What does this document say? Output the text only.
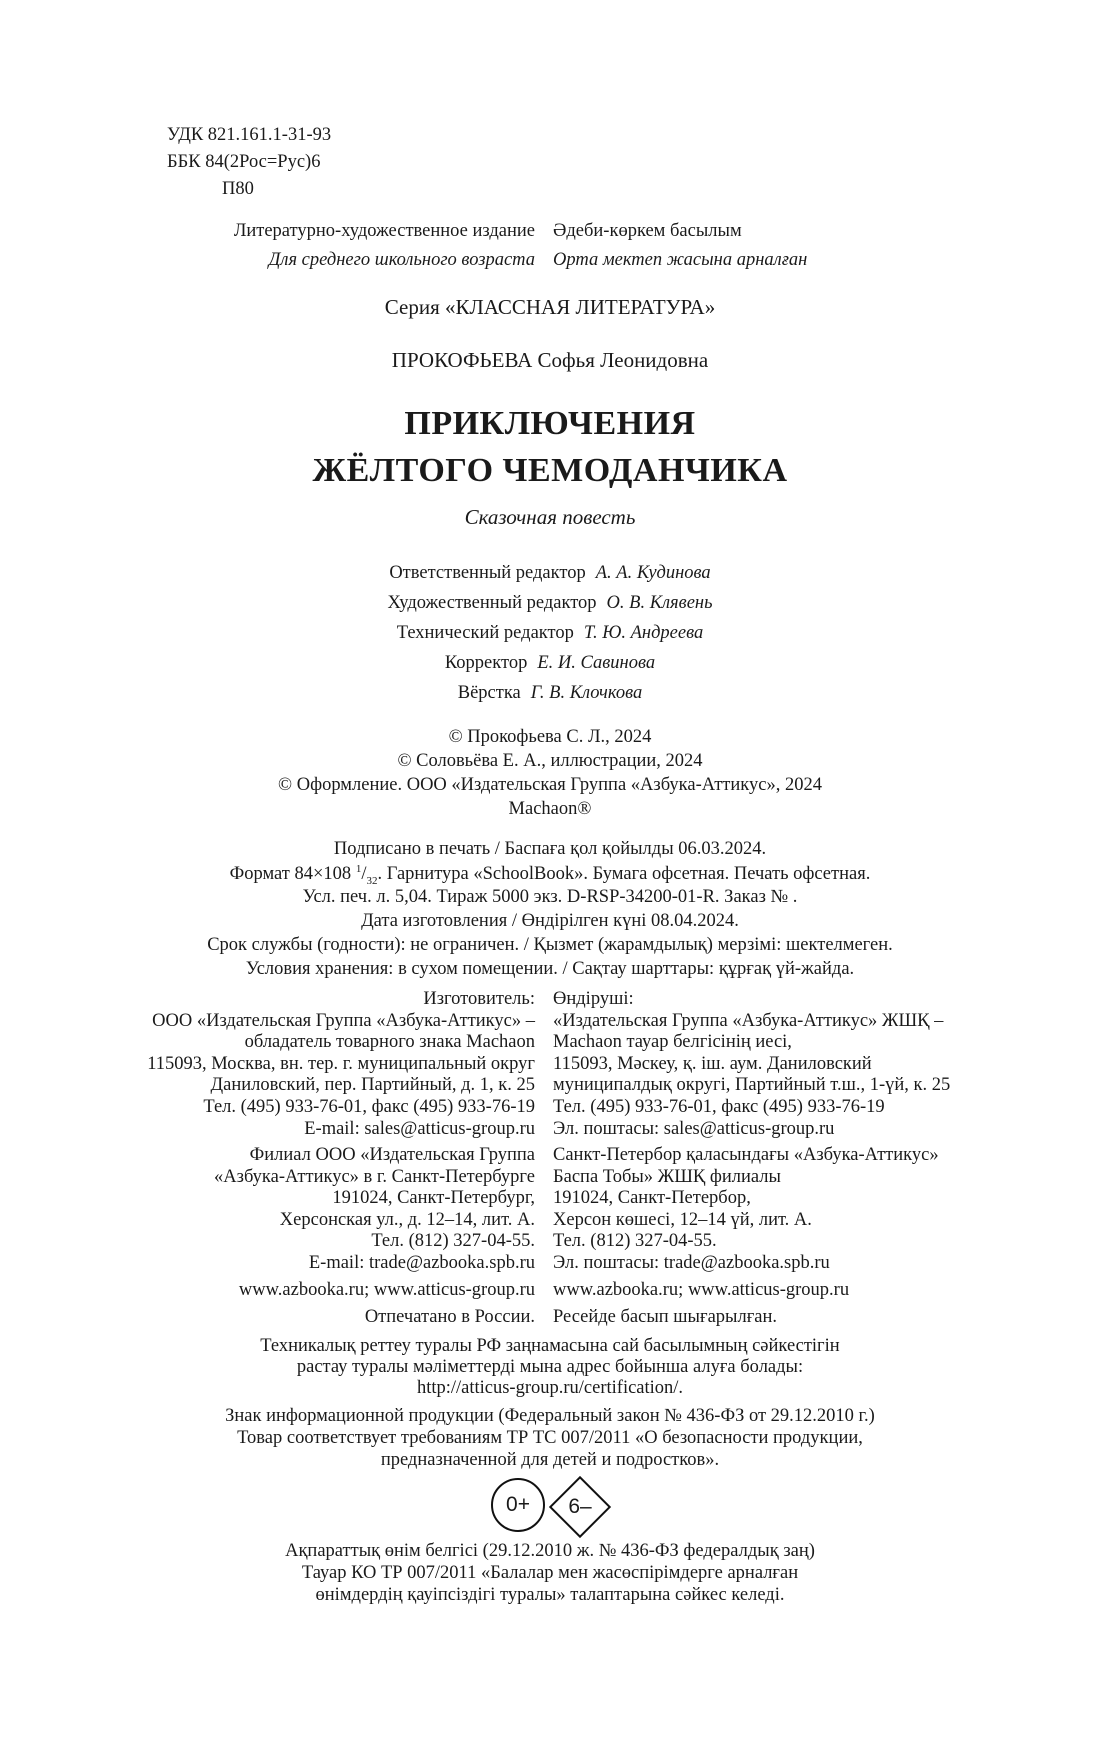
УДК 821.161.1-31-93
ББК 84(2Рос=Рус)6
П80
Литературно-художественное издание Әдеби-көркем басылым
Для среднего школьного возраста Орта мектеп жасына арналған
Серия «КЛАССНАЯ ЛИТЕРАТУРА»
ПРОКОФЬЕВА Софья Леонидовна
ПРИКЛЮЧЕНИЯ
ЖЁЛТОГО ЧЕМОДАНЧИКА
Сказочная повесть
Ответственный редактор А. А. Кудинова
Художественный редактор О. В. Клявень
Технический редактор Т. Ю. Андреева
Корректор Е. И. Савинова
Вёрстка Г. В. Клочкова
© Прокофьева С. Л., 2024
© Соловьёва Е. А., иллюстрации, 2024
© Оформление. ООО «Издательская Группа «Азбука-Аттикус», 2024
Machaon®
Подписано в печать / Баспаға қол қойылды 06.03.2024.
Формат 84×108 $^1/_{32}$. Гарнитура «SchoolBook». Бумага офсетная. Печать офсетная.
Усл. печ. л. 5,04. Тираж 5000 экз. D-RSP-34200-01-R. Заказ № .
Дата изготовления / Өндірілген күні 08.04.2024.
Срок службы (годности): не ограничен. / Қызмет (жарамдылық) мерзімі: шектелмеген.
Условия хранения: в сухом помещении. / Сақтау шарттары: құрғақ үй-жайда.
Изготовитель:
ООО «Издательская Группа «Азбука-Аттикус» –
обладатель товарного знака Machaon
115093, Москва, вн. тер. г. муниципальный округ
Даниловский, пер. Партийный, д. 1, к. 25
Тел. (495) 933-76-01, факс (495) 933-76-19
E-mail: sales@atticus-group.ru
Өндіруші:
«Издательская Группа «Азбука-Аттикус» ЖШҚ –
Machaon тауар белгісінің иесі,
115093, Мәскеу, қ. іш. аум. Даниловский
муниципалдық округі, Партийный т.ш., 1-үй, к. 25
Тел. (495) 933-76-01, факс (495) 933-76-19
Эл. поштасы: sales@atticus-group.ru
Филиал ООО «Издательская Группа
«Азбука-Аттикус» в г. Санкт-Петербурге
191024, Санкт-Петербург,
Херсонская ул., д. 12–14, лит. А.
Тел. (812) 327-04-55.
E-mail: trade@azbooka.spb.ru
Санкт-Петербор қаласындағы «Азбука-Аттикус»
Баспа Тобы» ЖШҚ филиалы
191024, Санкт-Петербор,
Херсон көшесі, 12–14 үй, лит. А.
Тел. (812) 327-04-55.
Эл. поштасы: trade@azbooka.spb.ru
www.azbooka.ru; www.atticus-group.ru www.azbooka.ru; www.atticus-group.ru
Отпечатано в России. Ресейде басып шығарылған.
Техникалық реттеу туралы РФ заңнамасына сай басылымның сәйкестігін
растау туралы мәліметтерді мына адрес бойынша алуға болады:
http://atticus-group.ru/certification/.
Знак информационной продукции (Федеральный закон № 436-ФЗ от 29.12.2010 г.)
Товар соответствует требованиям ТР ТС 007/2011 «О безопасности продукции,
предназначенной для детей и подростков».
0+	6–
Ақпараттық өнім белгісі (29.12.2010 ж. № 436-ФЗ федералдық заң)
Тауар КО ТР 007/2011 «Балалар мен жасөспірімдерге арналған
өнімдердің қауіпсіздігі туралы» талаптарына сәйкес келеді.
